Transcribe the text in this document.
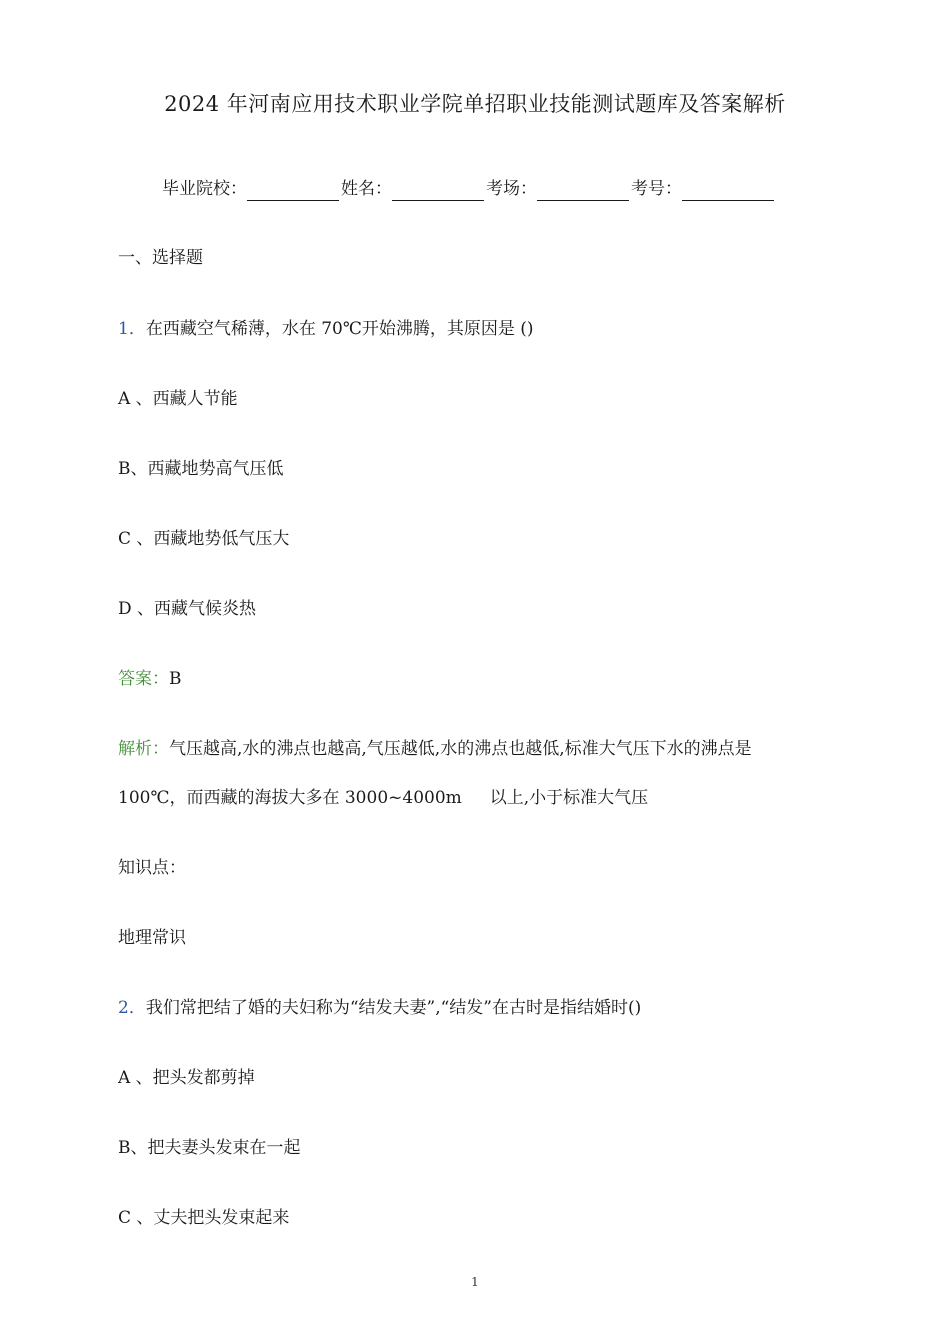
2024 年河南应用技术职业学院单招职业技能测试题库及答案解析
毕业院校：	姓名：	考场：	考号：
一、选择题
1．在西藏空气稀薄，水在 70℃开始沸腾，其原因是 ()
A 、西藏人节能
B、西藏地势高气压低
C 、西藏地势低气压大
D 、西藏气候炎热
答案：B
解析：气压越高,水的沸点也越高,气压越低,水的沸点也越低,标准大气压下水的沸点是
100℃，而西藏的海拔大多在 3000~4000m 以上,小于标准大气压
知识点：
地理常识
2．我们常把结了婚的夫妇称为“结发夫妻”,“结发”在古时是指结婚时()
A 、把头发都剪掉
B、把夫妻头发束在一起
C 、丈夫把头发束起来
1
